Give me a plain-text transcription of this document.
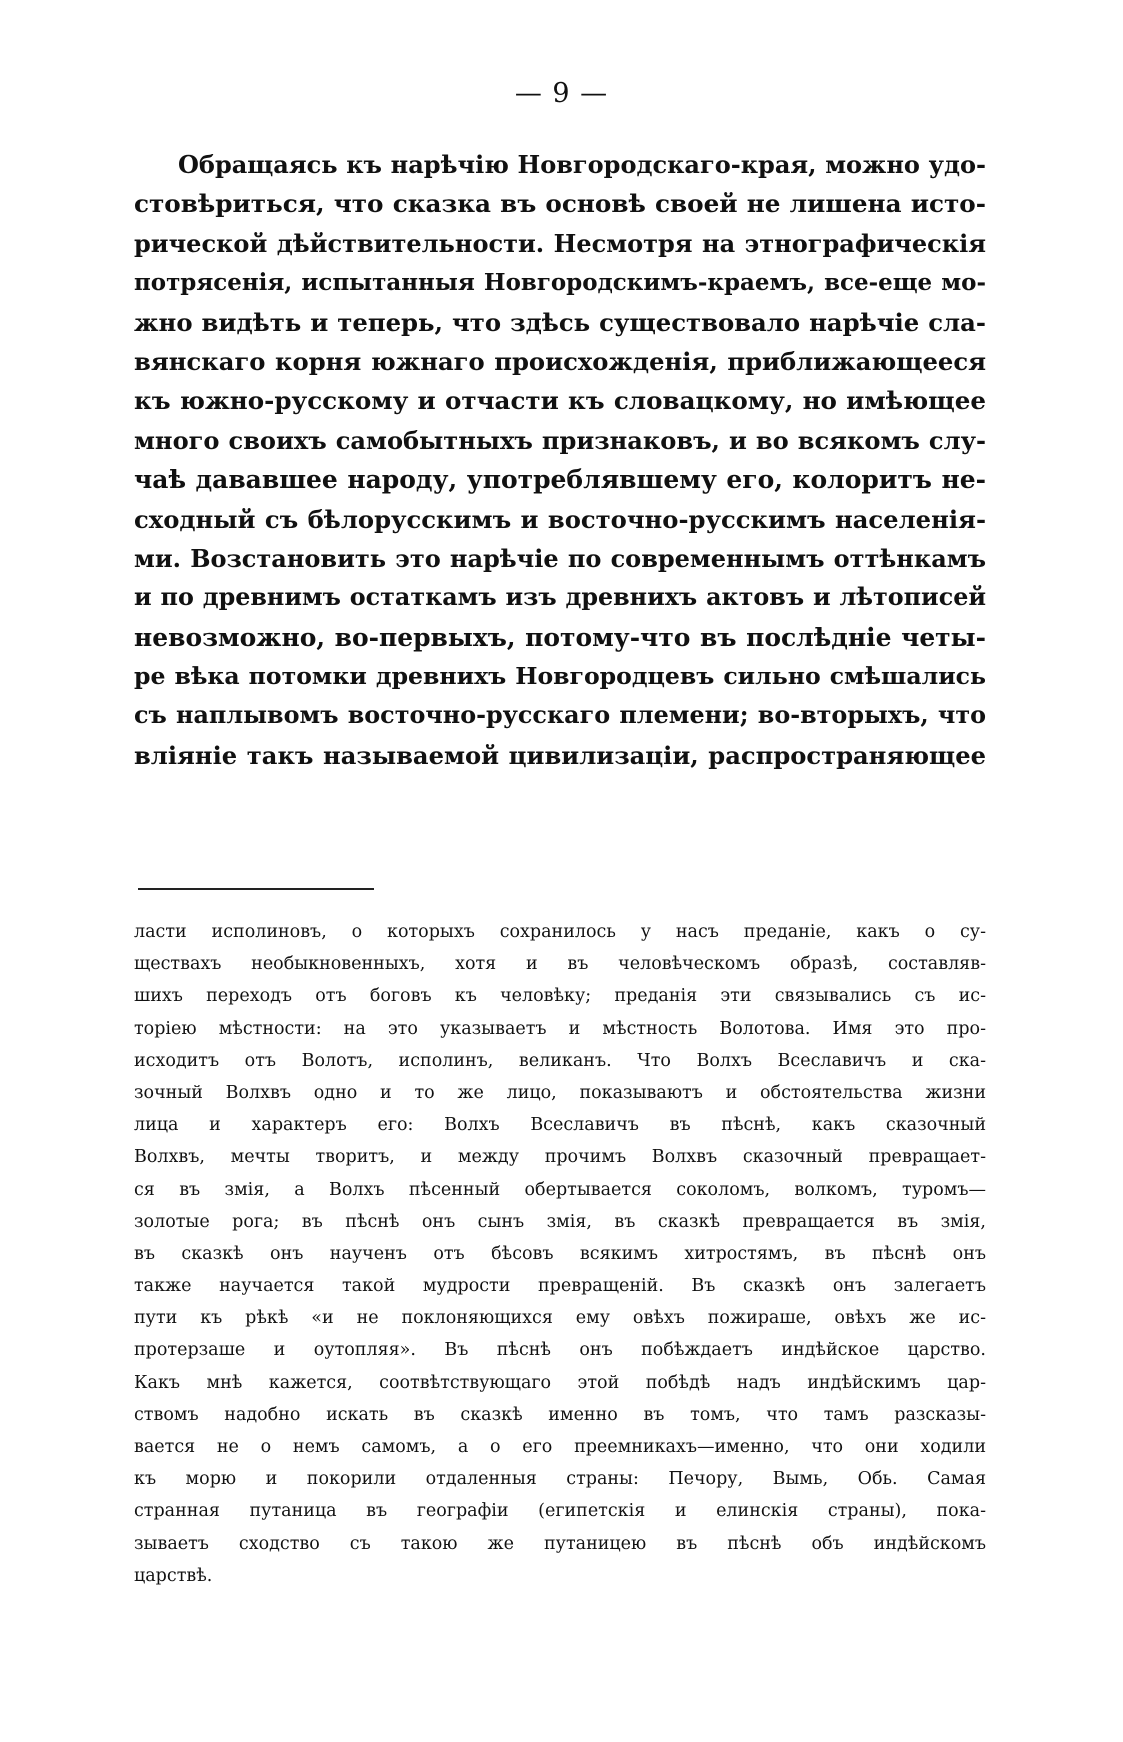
— 9 —
Обращаясь къ нарѣчію Новгородскаго-края, можно удо-
стовѣриться, что сказка въ основѣ своей не лишена исто-
рической дѣйствительности. Несмотря на этнографическія
потрясенія, испытанныя Новгородскимъ-краемъ, все-еще мо-
жно видѣть и теперь, что здѣсь существовало нарѣчіе сла-
вянскаго корня южнаго происхожденія, приближающееся
къ южно-русскому и отчасти къ словацкому, но имѣющее
много своихъ самобытныхъ признаковъ, и во всякомъ слу-
чаѣ дававшее народу, употреблявшему его, колоритъ не-
сходный съ бѣлорусскимъ и восточно-русскимъ населенія-
ми. Возстановить это нарѣчіе по современнымъ оттѣнкамъ
и по древнимъ остаткамъ изъ древнихъ актовъ и лѣтописей
невозможно, во-первыхъ, потому-что въ послѣдніе четы-
ре вѣка потомки древнихъ Новгородцевъ сильно смѣшались
съ наплывомъ восточно-русскаго племени; во-вторыхъ, что
вліяніе такъ называемой цивилизаціи, распространяющее
ласти исполиновъ, о которыхъ сохранилось у насъ преданіе, какъ о су-
ществахъ необыкновенныхъ, хотя и въ человѣческомъ образѣ, составляв-
шихъ переходъ отъ боговъ къ человѣку; преданія эти связывались съ ис-
торіею мѣстности: на это указываетъ и мѣстность Волотова. Имя это про-
исходитъ отъ Волотъ, исполинъ, великанъ. Что Волхъ Всеславичъ и ска-
зочный Волхвъ одно и то же лицо, показываютъ и обстоятельства жизни
лица и характеръ его: Волхъ Всеславичъ въ пѣснѣ, какъ сказочный
Волхвъ, мечты творитъ, и между прочимъ Волхвъ сказочный превращает-
ся въ змія, а Волхъ пѣсенный обертывается соколомъ, волкомъ, туромъ—
золотые рога; въ пѣснѣ онъ сынъ змія, въ сказкѣ превращается въ змія,
въ сказкѣ онъ наученъ отъ бѣсовъ всякимъ хитростямъ, въ пѣснѣ онъ
также научается такой мудрости превращеній. Въ сказкѣ онъ залегаетъ
пути къ рѣкѣ «и не поклоняющихся ему овѣхъ пожираше, овѣхъ же ис-
протерзаше и оутопляя». Въ пѣснѣ онъ побѣждаетъ индѣйское царство.
Какъ мнѣ кажется, соотвѣтствующаго этой побѣдѣ надъ индѣйскимъ цар-
ствомъ надобно искать въ сказкѣ именно въ томъ, что тамъ разсказы-
вается не о немъ самомъ, а о его преемникахъ—именно, что они ходили
къ морю и покорили отдаленныя страны: Печору, Вымь, Обь. Самая
странная путаница въ географіи (египетскія и елинскія страны), пока-
зываетъ сходство съ такою же путаницею въ пѣснѣ объ индѣйскомъ
царствѣ.
